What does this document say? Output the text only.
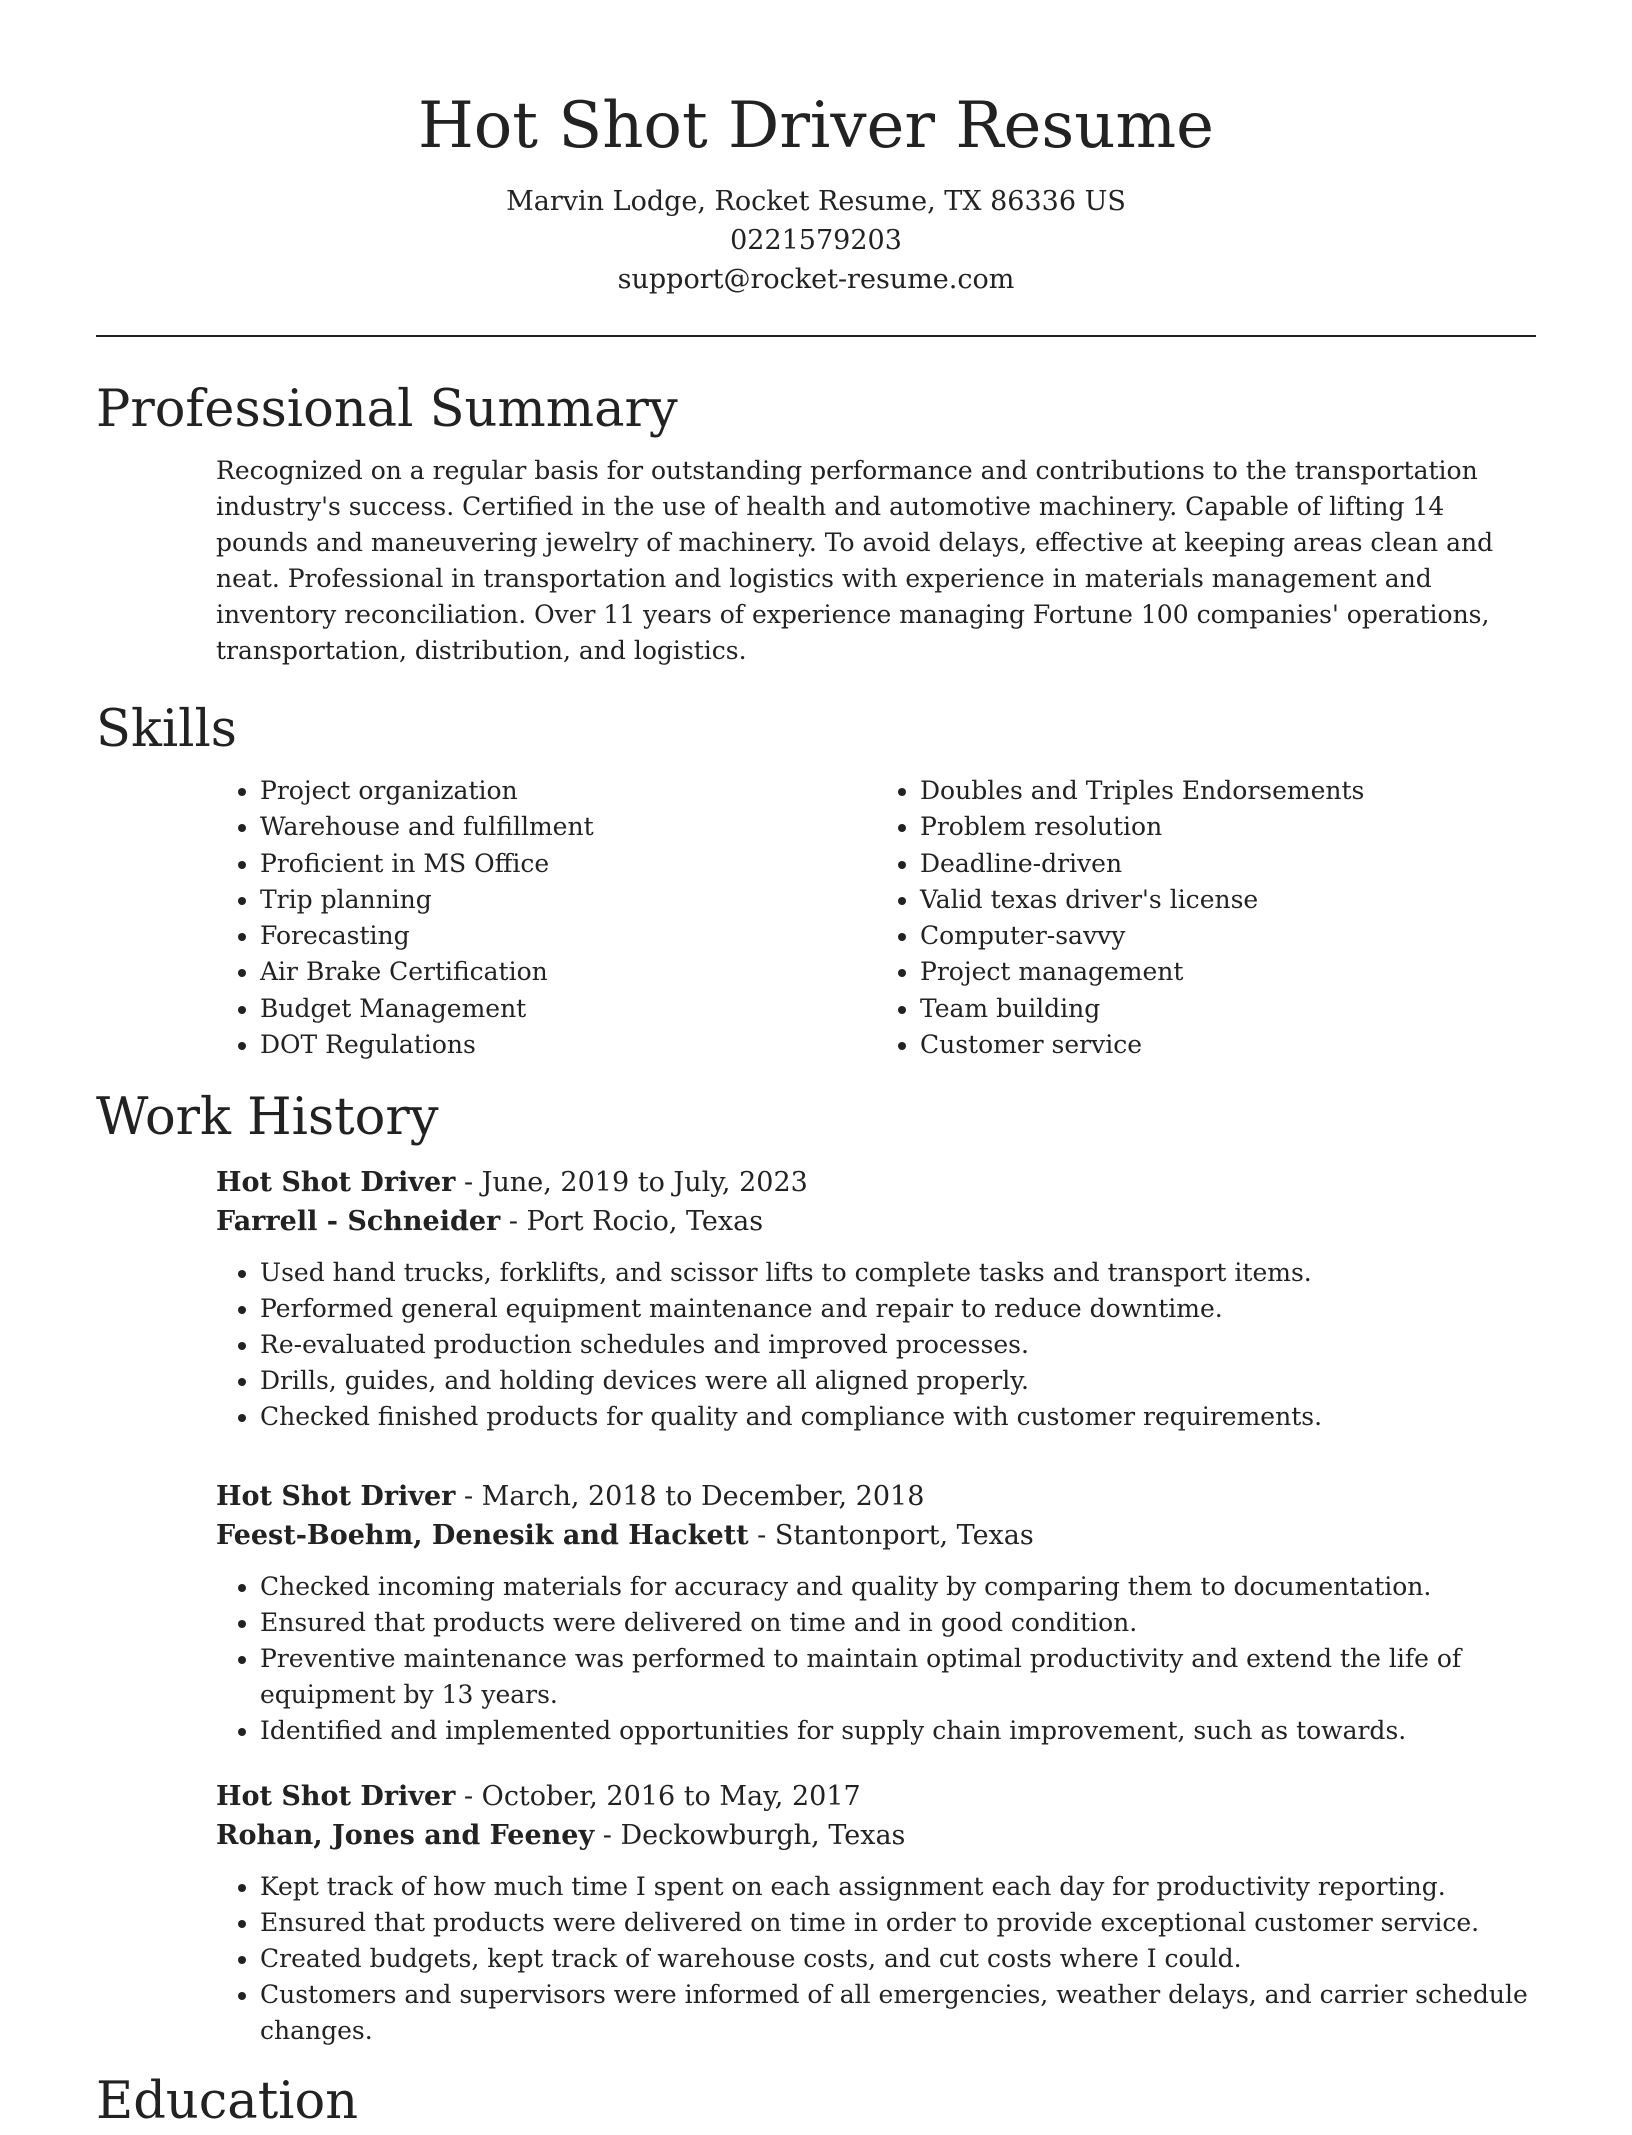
Hot Shot Driver Resume
Marvin Lodge, Rocket Resume, TX 86336 US
0221579203
support@rocket-resume.com
Professional Summary

Recognized on a regular basis for outstanding performance and contributions to the transportation industry's success. Certified in the use of health and automotive machinery. Capable of lifting 14 pounds and maneuvering jewelry of machinery. To avoid delays, effective at keeping areas clean and neat. Professional in transportation and logistics with experience in materials management and inventory reconciliation. Over 11 years of experience managing Fortune 100 companies' operations, transportation, distribution, and logistics.

Skills
• Project organization
• Warehouse and fulfillment
• Proficient in MS Office
• Trip planning
• Forecasting
• Air Brake Certification
• Budget Management
• DOT Regulations
• Doubles and Triples Endorsements
• Problem resolution
• Deadline-driven
• Valid texas driver's license
• Computer-savvy
• Project management
• Team building
• Customer service
Work History
Hot Shot Driver - June, 2019 to July, 2023
Farrell - Schneider - Port Rocio, Texas
• Used hand trucks, forklifts, and scissor lifts to complete tasks and transport items.
• Performed general equipment maintenance and repair to reduce downtime.
• Re-evaluated production schedules and improved processes.
• Drills, guides, and holding devices were all aligned properly.
• Checked finished products for quality and compliance with customer requirements.
Hot Shot Driver - March, 2018 to December, 2018
Feest-Boehm, Denesik and Hackett - Stantonport, Texas
• Checked incoming materials for accuracy and quality by comparing them to documentation.
• Ensured that products were delivered on time and in good condition.
• Preventive maintenance was performed to maintain optimal productivity and extend the life of equipment by 13 years.
• Identified and implemented opportunities for supply chain improvement, such as towards.
Hot Shot Driver - October, 2016 to May, 2017
Rohan, Jones and Feeney - Deckowburgh, Texas
• Kept track of how much time I spent on each assignment each day for productivity reporting.
• Ensured that products were delivered on time in order to provide exceptional customer service.
• Created budgets, kept track of warehouse costs, and cut costs where I could.
• Customers and supervisors were informed of all emergencies, weather delays, and carrier schedule changes.
Education
